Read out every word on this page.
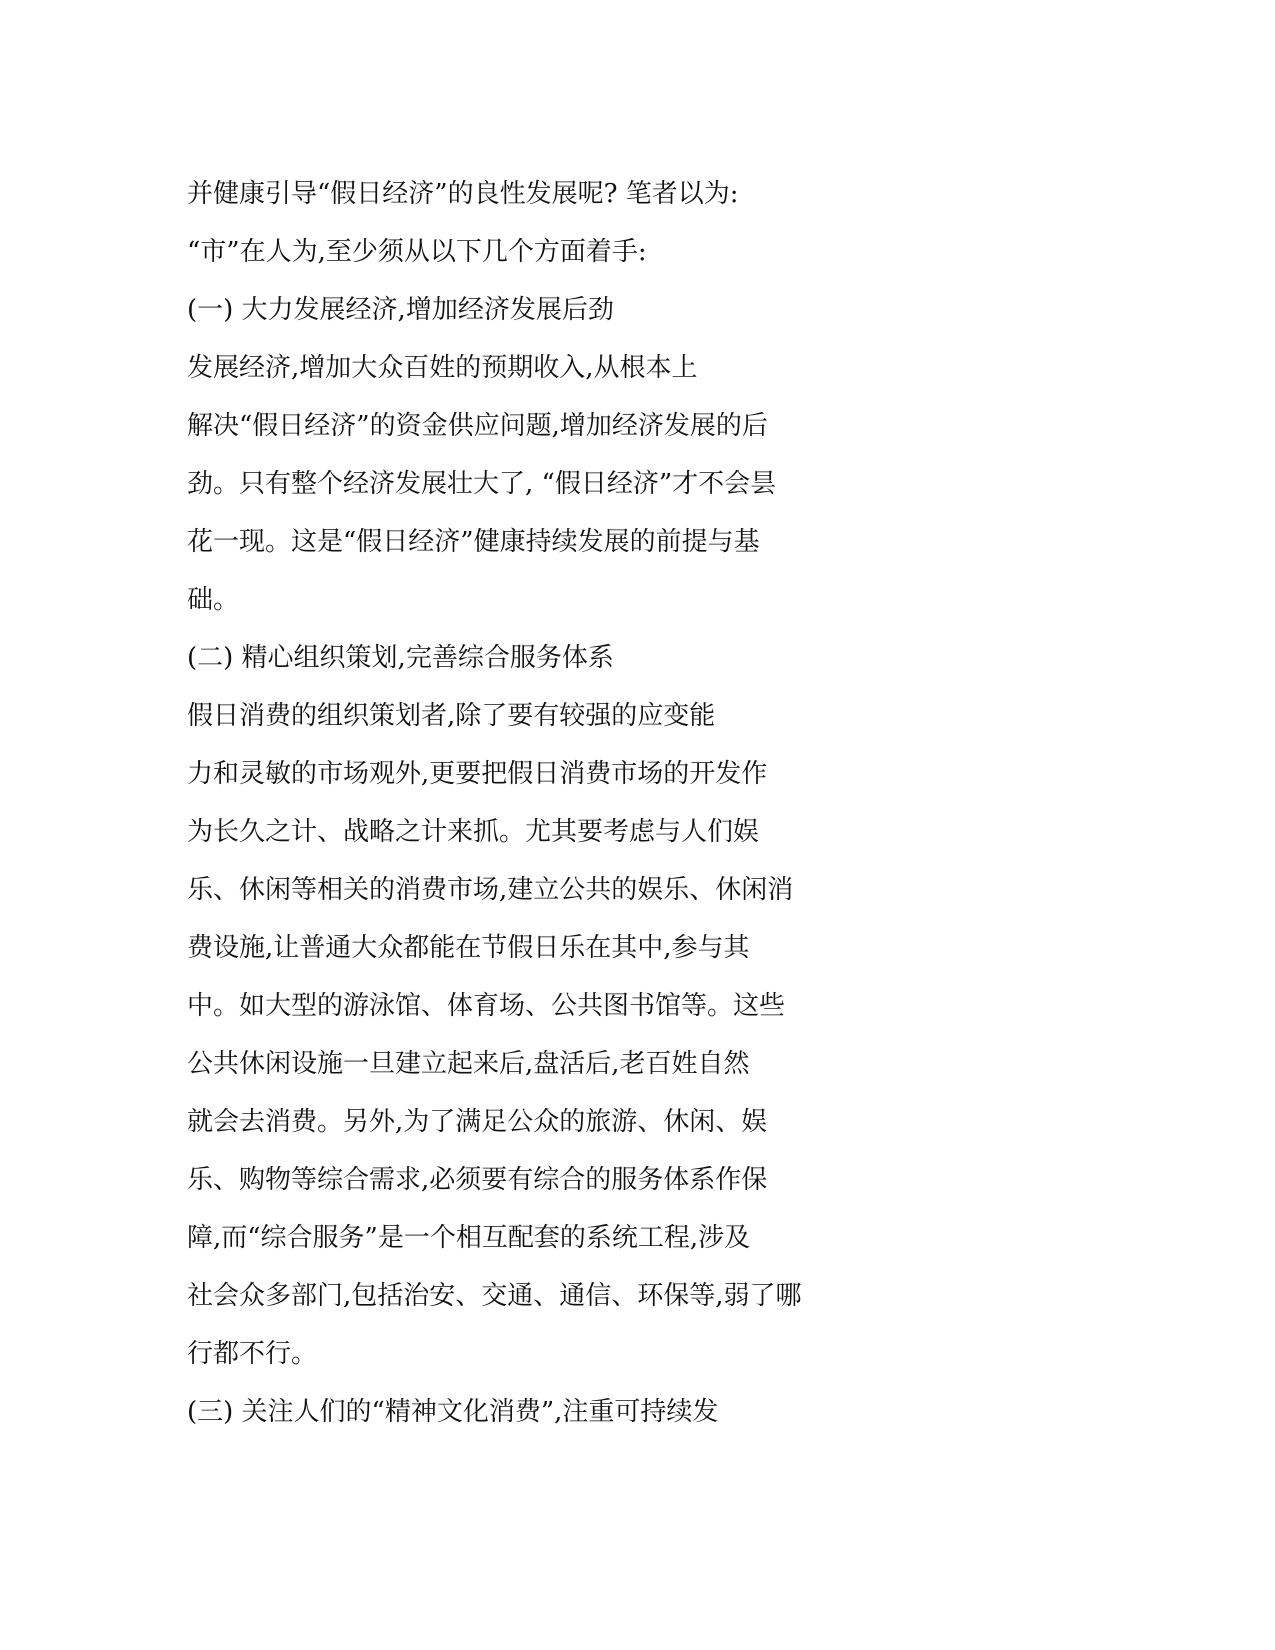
并健康引导“假日经济”的良性发展呢? 笔者以为:
“市”在人为,至少须从以下几个方面着手:
(一) 大力发展经济,增加经济发展后劲
发展经济,增加大众百姓的预期收入,从根本上
解决“假日经济”的资金供应问题,增加经济发展的后
劲。只有整个经济发展壮大了, “假日经济”才不会昙
花一现。这是“假日经济”健康持续发展的前提与基
础。
(二) 精心组织策划,完善综合服务体系
假日消费的组织策划者,除了要有较强的应变能
力和灵敏的市场观外,更要把假日消费市场的开发作
为长久之计、战略之计来抓。尤其要考虑与人们娱
乐、休闲等相关的消费市场,建立公共的娱乐、休闲消
费设施,让普通大众都能在节假日乐在其中,参与其
中。如大型的游泳馆、体育场、公共图书馆等。这些
公共休闲设施一旦建立起来后,盘活后,老百姓自然
就会去消费。另外,为了满足公众的旅游、休闲、娱
乐、购物等综合需求,必须要有综合的服务体系作保
障,而“综合服务”是一个相互配套的系统工程,涉及
社会众多部门,包括治安、交通、通信、环保等,弱了哪
行都不行。
(三) 关注人们的“精神文化消费”,注重可持续发
